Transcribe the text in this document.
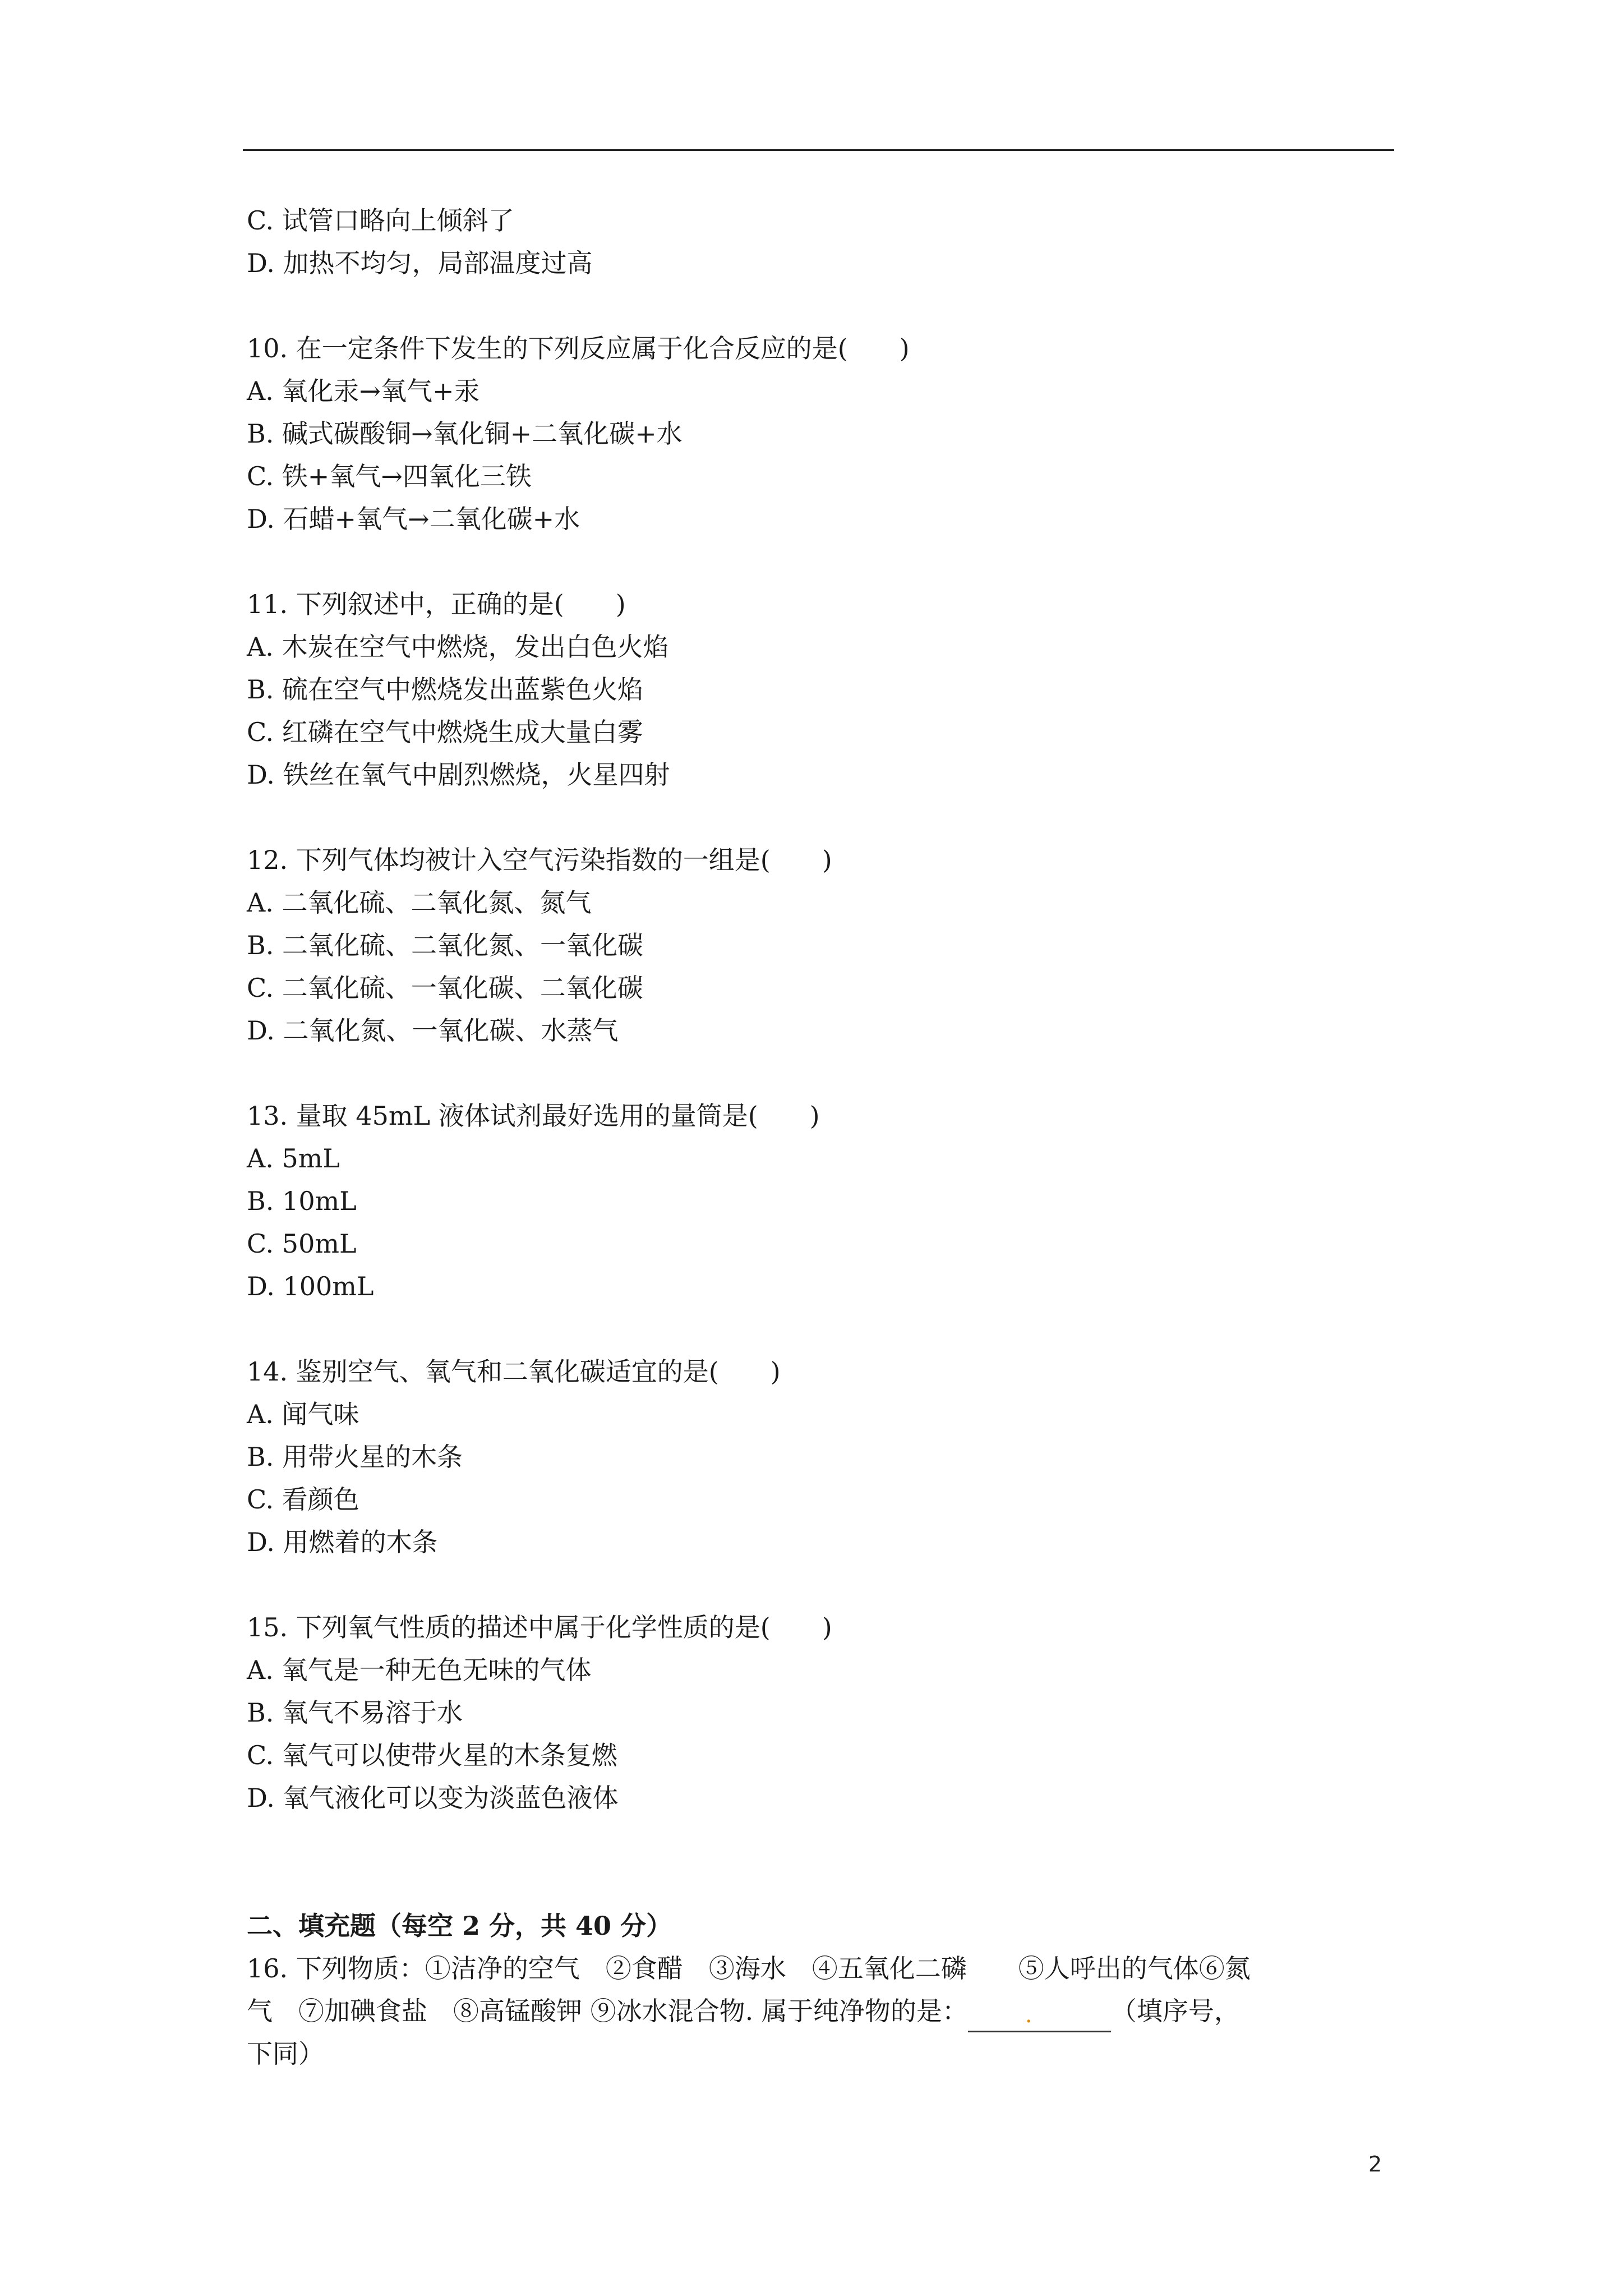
C. 试管口略向上倾斜了
D. 加热不均匀，局部温度过高
10. 在一定条件下发生的下列反应属于化合反应的是(　　)
A. 氧化汞→氧气+汞
B. 碱式碳酸铜→氧化铜+二氧化碳+水
C. 铁+氧气→四氧化三铁
D. 石蜡+氧气→二氧化碳+水
11. 下列叙述中，正确的是(　　)
A. 木炭在空气中燃烧，发出白色火焰
B. 硫在空气中燃烧发出蓝紫色火焰
C. 红磷在空气中燃烧生成大量白雾
D. 铁丝在氧气中剧烈燃烧，火星四射
12. 下列气体均被计入空气污染指数的一组是(　　)
A. 二氧化硫、二氧化氮、氮气
B. 二氧化硫、二氧化氮、一氧化碳
C. 二氧化硫、一氧化碳、二氧化碳
D. 二氧化氮、一氧化碳、水蒸气
13. 量取 45mL 液体试剂最好选用的量筒是(　　)
A. 5mL
B. 10mL
C. 50mL
D. 100mL
14. 鉴别空气、氧气和二氧化碳适宜的是(　　)
A. 闻气味
B. 用带火星的木条
C. 看颜色
D. 用燃着的木条
15. 下列氧气性质的描述中属于化学性质的是(　　)
A. 氧气是一种无色无味的气体
B. 氧气不易溶于水
C. 氧气可以使带火星的木条复燃
D. 氧气液化可以变为淡蓝色液体
二、填充题（每空 2 分，共 40 分）
16. 下列物质：①洁净的空气　②食醋　③海水　④五氧化二磷　　⑤人呼出的气体⑥氮
气　⑦加碘食盐　⑧高锰酸钾 ⑨冰水混合物. 属于纯净物的是：	.	（填序号，
下同）
2
